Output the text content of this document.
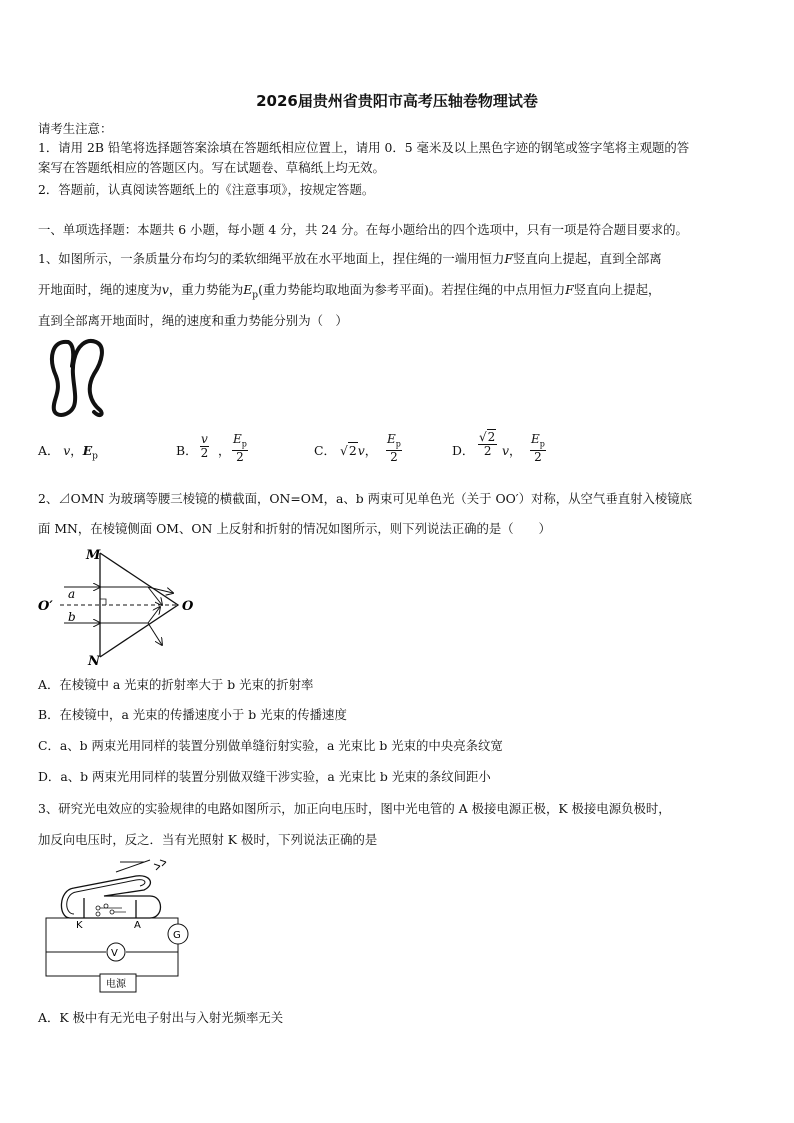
2026届贵州省贵阳市高考压轴卷物理试卷
请考生注意：
1．请用 2B 铅笔将选择题答案涂填在答题纸相应位置上，请用 0．5 毫米及以上黑色字迹的钢笔或签字笔将主观题的答
案写在答题纸相应的答题区内。写在试题卷、草稿纸上均无效。
2．答题前，认真阅读答题纸上的《注意事项》，按规定答题。
一、单项选择题：本题共 6 小题，每小题 4 分，共 24 分。在每小题给出的四个选项中，只有一项是符合题目要求的。
1、如图所示，一条质量分布均匀的柔软细绳平放在水平地面上，捏住绳的一端用恒力F竖直向上提起，直到全部离
开地面时，绳的速度为v，重力势能为$E_p$(重力势能均取地面为参考平面)。若捏住绳的中点用恒力F竖直向上提起，
直到全部离开地面时，绳的速度和重力势能分别为（　）
A． v，$E_p$	B． $\frac{v}{2}$ ， $\frac{E_p}{2}$	C． √2v， $\frac{E_p}{2}$	D． $\frac{√2}{2}$ v， $\frac{E_p}{2}$
2、⊿OMN 为玻璃等腰三棱镜的横截面，ON=OM，a、b 两束可见单色光（关于 OO′）对称，从空气垂直射入棱镜底
面 MN，在棱镜侧面 OM、ON 上反射和折射的情况如图所示，则下列说法正确的是（　　）
M
N
O
O′
a
b
A．在棱镜中 a 光束的折射率大于 b 光束的折射率
B．在棱镜中，a 光束的传播速度小于 b 光束的传播速度
C．a、b 两束光用同样的装置分别做单缝衍射实验，a 光束比 b 光束的中央亮条纹宽
D．a、b 两束光用同样的装置分别做双缝干涉实验，a 光束比 b 光束的条纹间距小
3、研究光电效应的实验规律的电路如图所示，加正向电压时，图中光电管的 A 极接电源正极，K 极接电源负极时，
加反向电压时，反之．当有光照射 K 极时，下列说法正确的是
K	A
G
V
电源
A．K 极中有无光电子射出与入射光频率无关
